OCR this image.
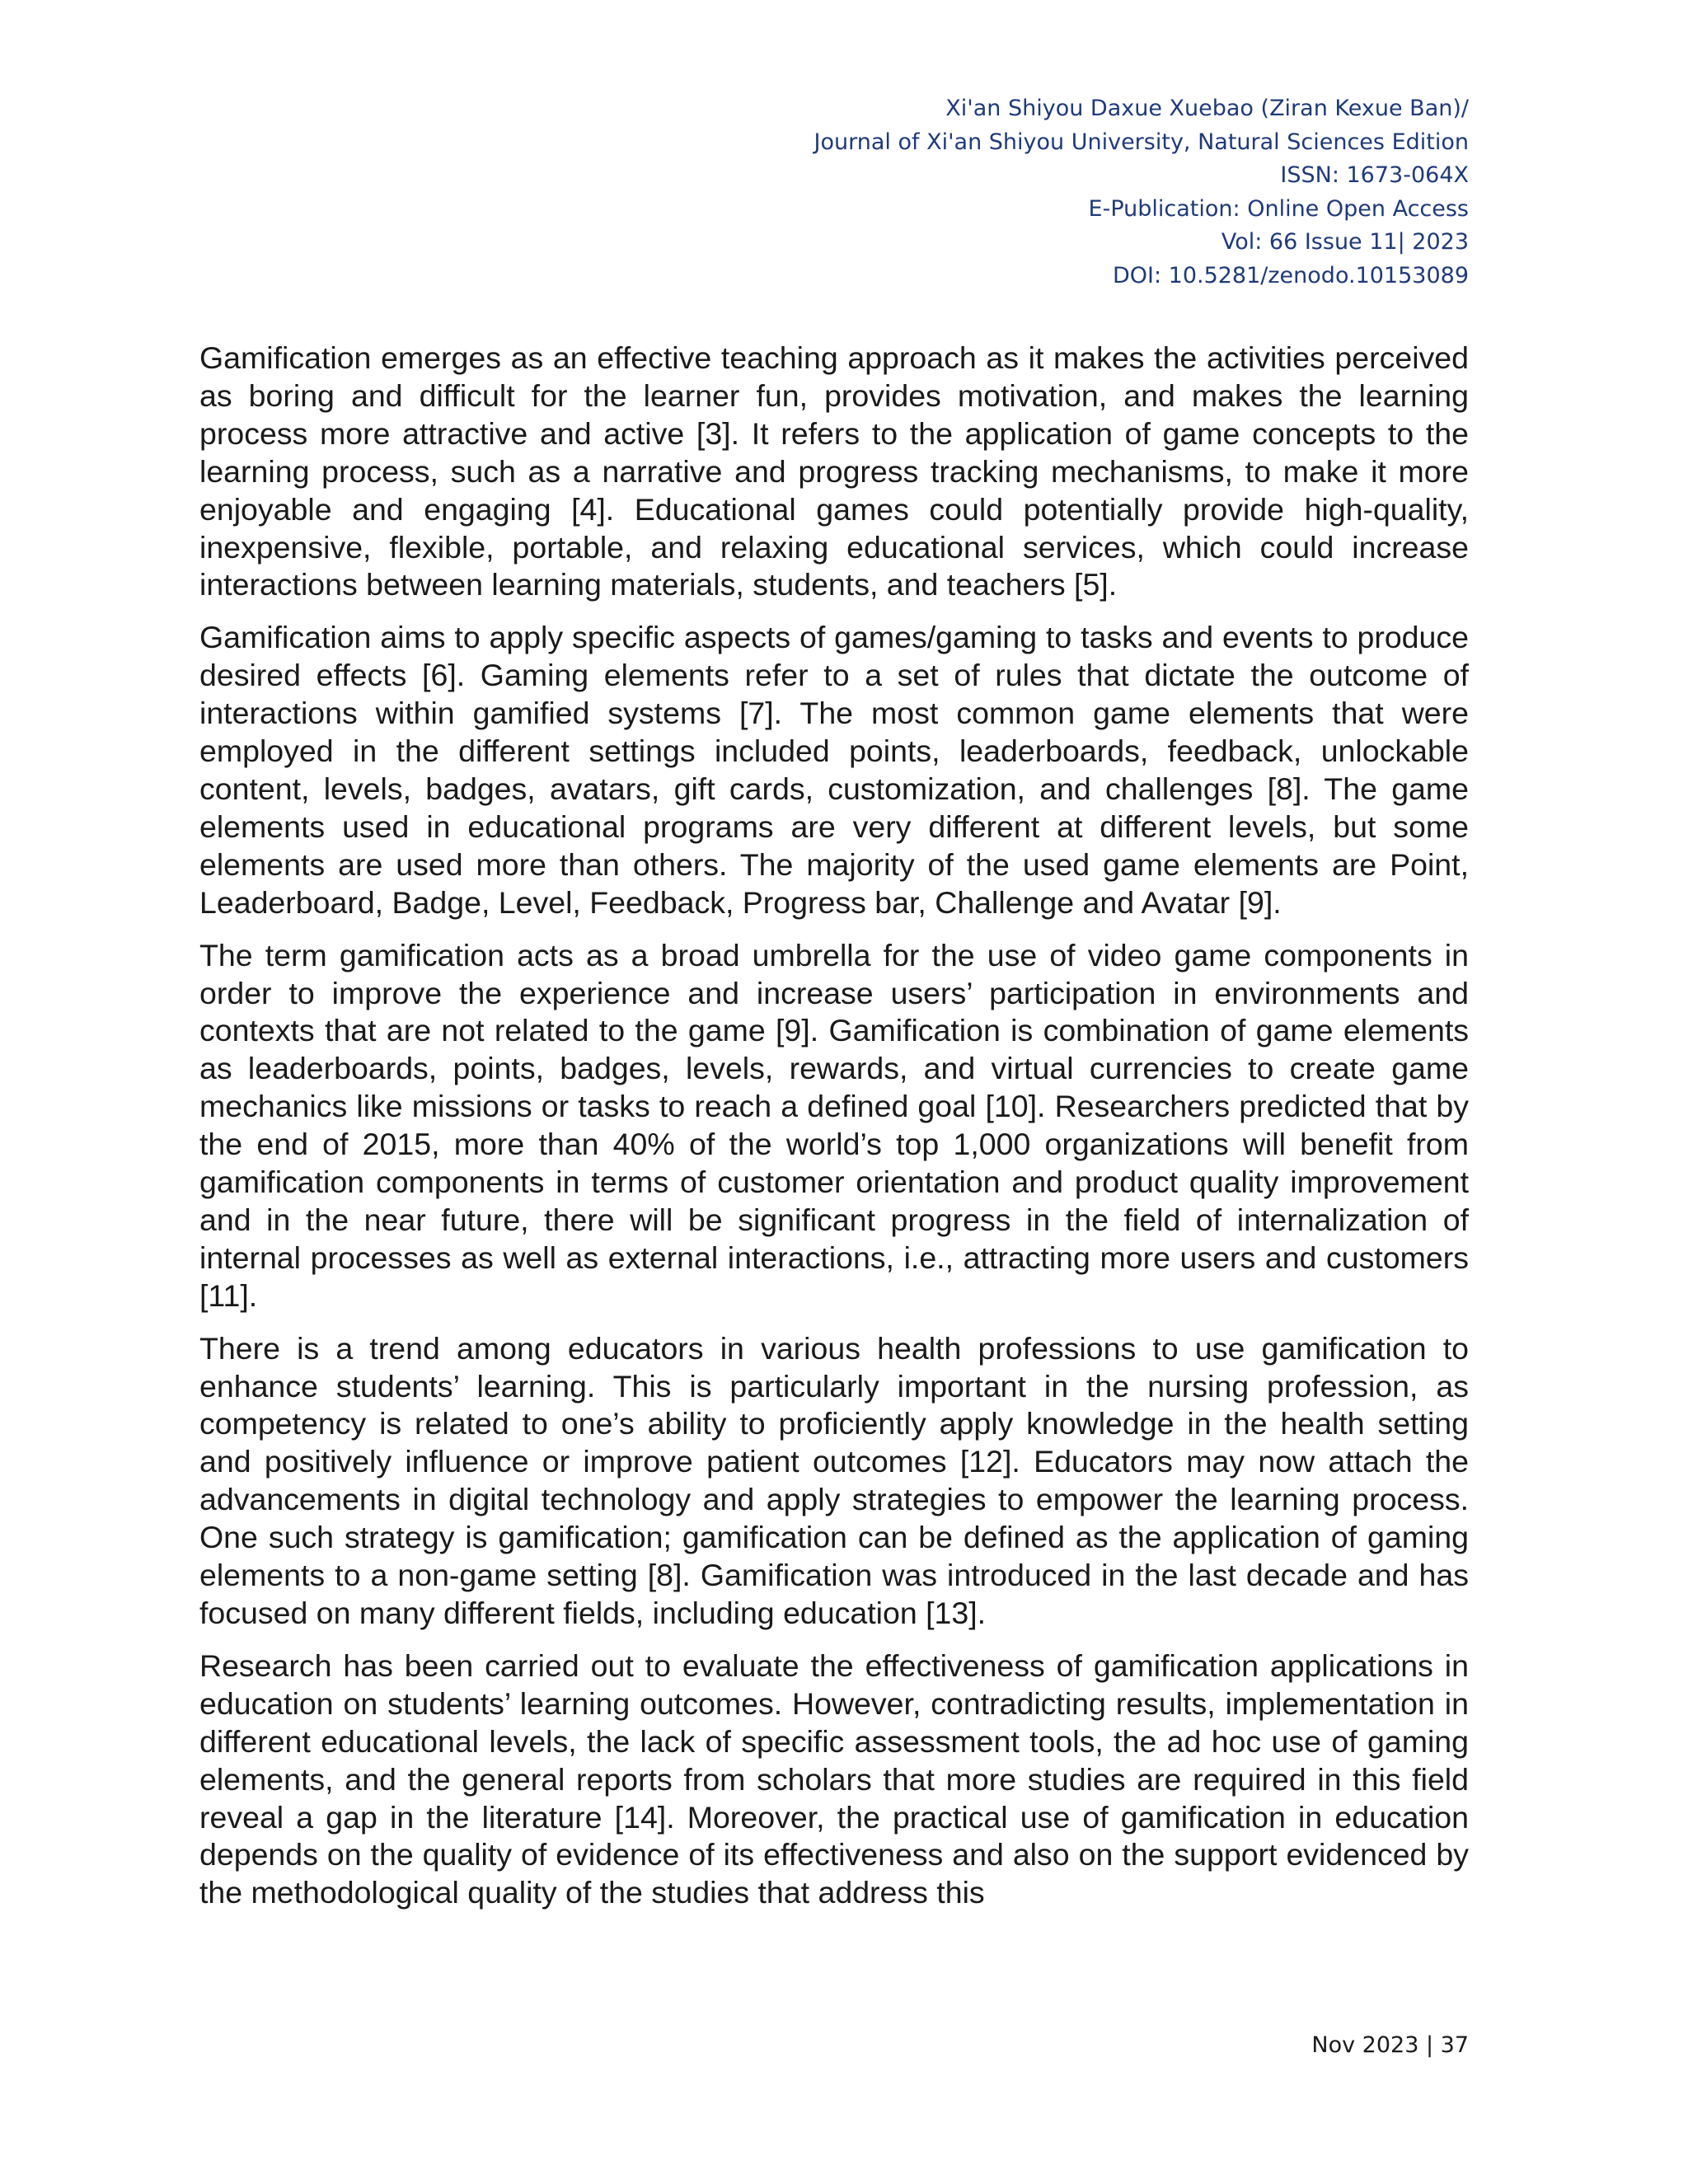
Xi'an Shiyou Daxue Xuebao (Ziran Kexue Ban)/
Journal of Xi'an Shiyou University, Natural Sciences Edition
ISSN: 1673-064X
E-Publication: Online Open Access
Vol: 66 Issue 11| 2023
DOI: 10.5281/zenodo.10153089

Gamification emerges as an effective teaching approach as it makes the activities perceived as boring and difficult for the learner fun, provides motivation, and makes the learning process more attractive and active [3]. It refers to the application of game concepts to the learning process, such as a narrative and progress tracking mechanisms, to make it more enjoyable and engaging [4]. Educational games could potentially provide high-quality, inexpensive, flexible, portable, and relaxing educational services, which could increase interactions between learning materials, students, and teachers [5].

Gamification aims to apply specific aspects of games/gaming to tasks and events to produce desired effects [6]. Gaming elements refer to a set of rules that dictate the outcome of interactions within gamified systems [7]. The most common game elements that were employed in the different settings included points, leaderboards, feedback, unlockable content, levels, badges, avatars, gift cards, customization, and challenges [8]. The game elements used in educational programs are very different at different levels, but some elements are used more than others. The majority of the used game elements are Point, Leaderboard, Badge, Level, Feedback, Progress bar, Challenge and Avatar [9].

The term gamification acts as a broad umbrella for the use of video game components in order to improve the experience and increase users’ participation in environments and contexts that are not related to the game [9]. Gamification is combination of game elements as leaderboards, points, badges, levels, rewards, and virtual currencies to create game mechanics like missions or tasks to reach a defined goal [10]. Researchers predicted that by the end of 2015, more than 40% of the world’s top 1,000 organizations will benefit from gamification components in terms of customer orientation and product quality improvement and in the near future, there will be significant progress in the field of internalization of internal processes as well as external interactions, i.e., attracting more users and customers [11].

There is a trend among educators in various health professions to use gamification to enhance students’ learning. This is particularly important in the nursing profession, as competency is related to one’s ability to proficiently apply knowledge in the health setting and positively influence or improve patient outcomes [12]. Educators may now attach the advancements in digital technology and apply strategies to empower the learning process. One such strategy is gamification; gamification can be defined as the application of gaming elements to a non-game setting [8]. Gamification was introduced in the last decade and has focused on many different fields, including education [13].

Research has been carried out to evaluate the effectiveness of gamification applications in education on students’ learning outcomes. However, contradicting results, implementation in different educational levels, the lack of specific assessment tools, the ad hoc use of gaming elements, and the general reports from scholars that more studies are required in this field reveal a gap in the literature [14]. Moreover, the practical use of gamification in education depends on the quality of evidence of its effectiveness and also on the support evidenced by the methodological quality of the studies that address this

Nov 2023 | 37
